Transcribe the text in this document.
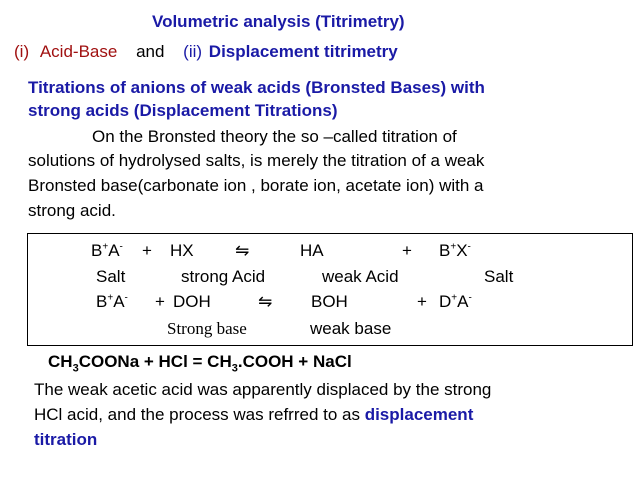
Volumetric analysis (Titrimetry)
(i) Acid-Base and (ii) Displacement titrimetry
Titrations of anions of weak acids (Bronsted Bases) with
strong acids (Displacement Titrations)
On the Bronsted theory the so –called titration of
solutions of hydrolysed salts, is merely the titration of a weak
Bronsted base(carbonate ion , borate ion, acetate ion) with a
strong acid.
B+A- + HX ⇋	HA	+ B+X-
Salt	strong Acid	weak Acid	Salt
B+A- + DOH	⇋ BOH	+ D+A-
Strong base	weak base
$CH_3COONa$ + HCl = $CH_3.COOH$ + NaCl
The weak acetic acid was apparently displaced by the strong
HCl acid, and the process was refrred to as displacement
titration
